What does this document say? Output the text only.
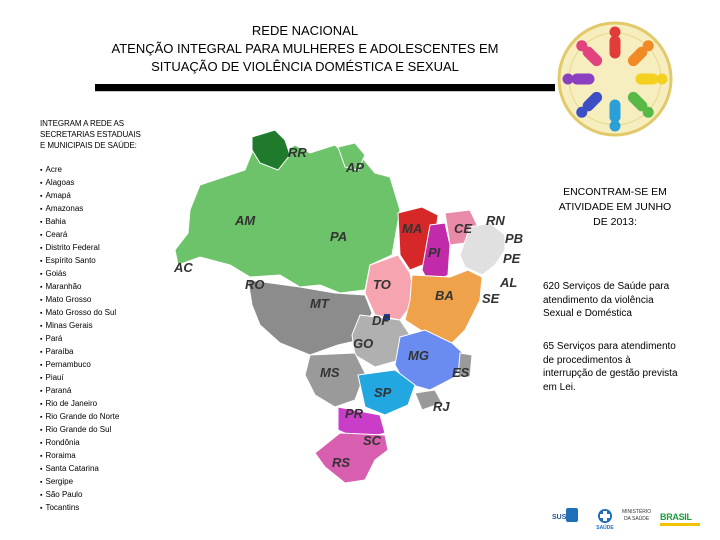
REDE NACIONAL
ATENÇÃO INTEGRAL PARA MULHERES E ADOLESCENTES EM
SITUAÇÃO DE VIOLÊNCIA DOMÉSTICA E SEXUAL
INTEGRAM A REDE AS
SECRETARIAS ESTADUAIS
E MUNICIPAIS DE SAÚDE:
▪ Acre
▪ Alagoas
▪ Amapá
▪ Amazonas
▪ Bahia
▪ Ceará
▪ Distrito Federal
▪ Espírito Santo
▪ Goiás
▪ Maranhão
▪ Mato Grosso
▪ Mato Grosso do Sul
▪ Minas Gerais
▪ Pará
▪ Paraíba
▪ Pernambuco
▪ Piauí
▪ Paraná
▪ Rio de Janeiro
▪ Rio Grande do Norte
▪ Rio Grande do Sul
▪ Rondônia
▪ Roraima
▪ Santa Catarina
▪ Sergipe
▪ São Paulo
▪ Tocantins
RR
AP
AM
PA
MA CE
RN
PB
PE
PI
AL
SE
AC
RO	TO
BA
MT
DF
GO
MG
ES
MS
SP
RJ
PR
SC
RS
ENCONTRAM-SE EM
ATIVIDADE EM JUNHO
DE 2013:
620 Serviços de Saúde para atendimento da violência Sexual e Doméstica
65 Serviços para atendimento de procedimentos à interrupção de gestão prevista em Lei.
SUS
SAÚDE
MINISTÉRIO
DA SAÚDE BRASIL
